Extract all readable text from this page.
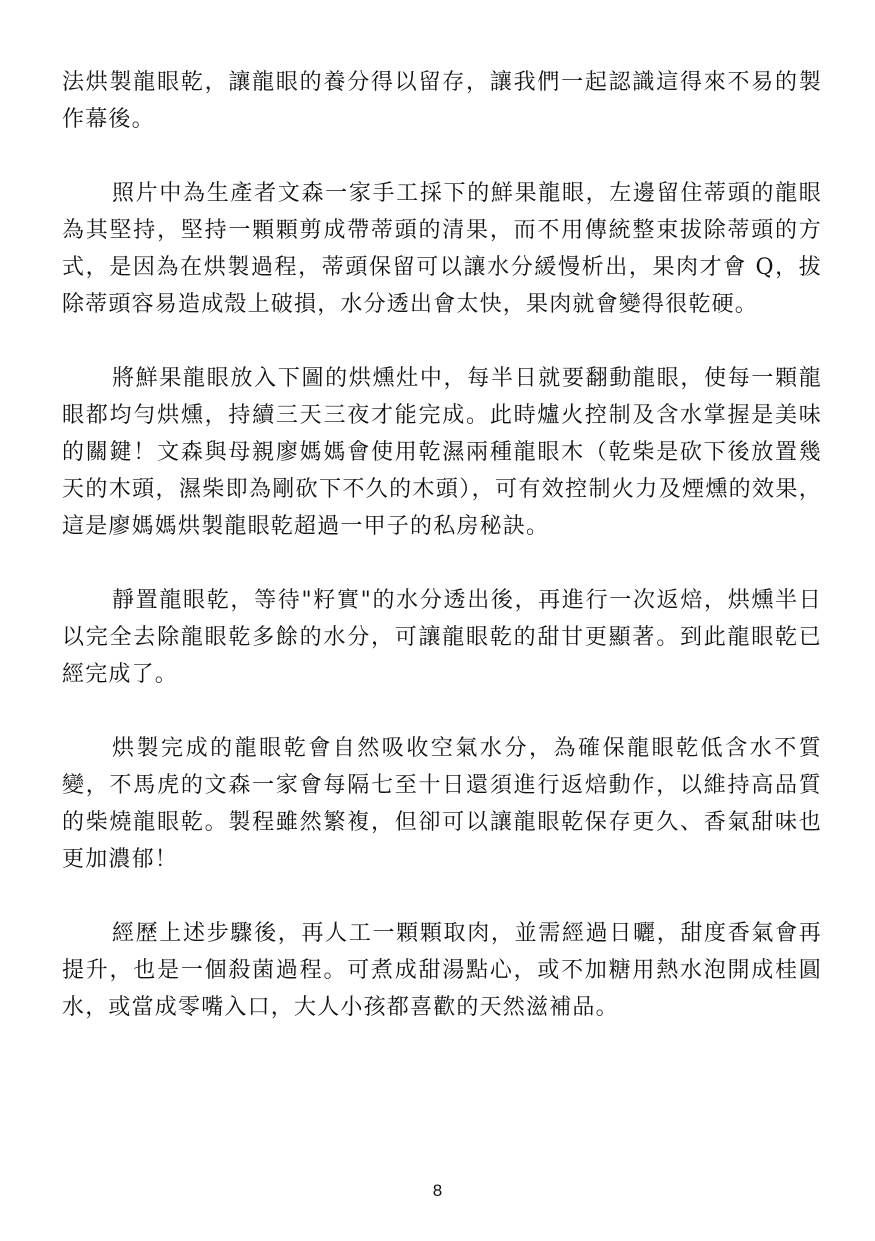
法烘製龍眼乾，讓龍眼的養分得以留存，讓我們一起認識這得來不易的製作幕後。

照片中為生產者文森一家手工採下的鮮果龍眼，左邊留住蒂頭的龍眼為其堅持，堅持一顆顆剪成帶蒂頭的清果，而不用傳統整束拔除蒂頭的方式，是因為在烘製過程，蒂頭保留可以讓水分緩慢析出，果肉才會 Q，拔除蒂頭容易造成殼上破損，水分透出會太快，果肉就會變得很乾硬。

將鮮果龍眼放入下圖的烘燻灶中，每半日就要翻動龍眼，使每一顆龍眼都均勻烘燻，持續三天三夜才能完成。此時爐火控制及含水掌握是美味的關鍵！文森與母親廖媽媽會使用乾濕兩種龍眼木（乾柴是砍下後放置幾天的木頭，濕柴即為剛砍下不久的木頭），可有效控制火力及煙燻的效果，這是廖媽媽烘製龍眼乾超過一甲子的私房秘訣。

靜置龍眼乾，等待"籽實"的水分透出後，再進行一次返焙，烘燻半日以完全去除龍眼乾多餘的水分，可讓龍眼乾的甜甘更顯著。到此龍眼乾已經完成了。

烘製完成的龍眼乾會自然吸收空氣水分，為確保龍眼乾低含水不質變，不馬虎的文森一家會每隔七至十日還須進行返焙動作，以維持高品質的柴燒龍眼乾。製程雖然繁複，但卻可以讓龍眼乾保存更久、香氣甜味也更加濃郁！

經歷上述步驟後，再人工一顆顆取肉，並需經過日曬，甜度香氣會再提升，也是一個殺菌過程。可煮成甜湯點心，或不加糖用熱水泡開成桂圓水，或當成零嘴入口，大人小孩都喜歡的天然滋補品。

8
